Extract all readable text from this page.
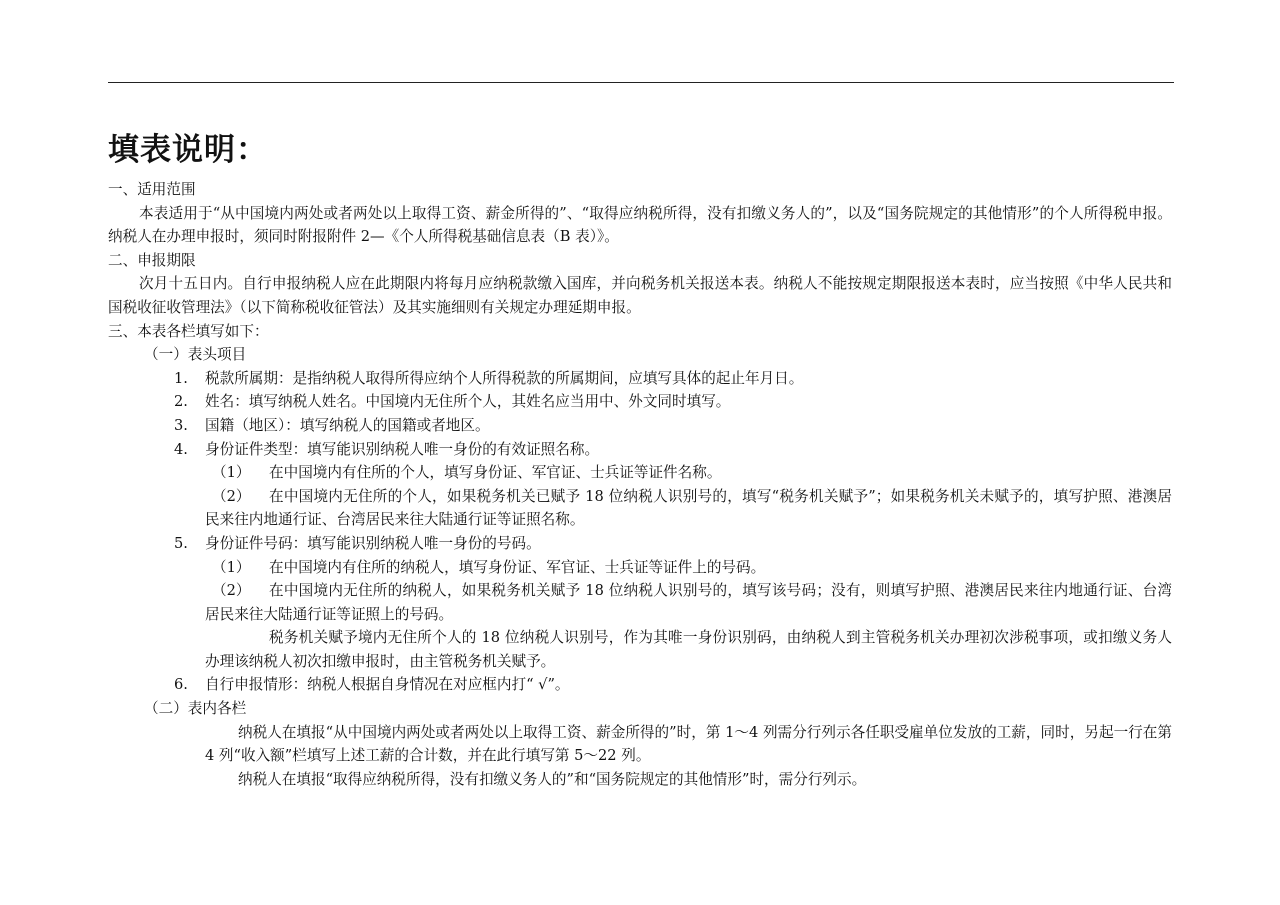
填表说明：

一、适用范围

本表适用于“从中国境内两处或者两处以上取得工资、薪金所得的”、“取得应纳税所得，没有扣缴义务人的”，以及“国务院规定的其他情形”的个人所得税申报。纳税人在办理申报时，须同时附报附件 2—《个人所得税基础信息表（B 表）》。

二、申报期限

次月十五日内。自行申报纳税人应在此期限内将每月应纳税款缴入国库，并向税务机关报送本表。纳税人不能按规定期限报送本表时，应当按照《中华人民共和国税收征收管理法》（以下简称税收征管法）及其实施细则有关规定办理延期申报。

三、本表各栏填写如下：

（一）表头项目

1. 税款所属期：是指纳税人取得所得应纳个人所得税款的所属期间，应填写具体的起止年月日。

2. 姓名：填写纳税人姓名。中国境内无住所个人，其姓名应当用中、外文同时填写。

3. 国籍（地区）：填写纳税人的国籍或者地区。

4. 身份证件类型：填写能识别纳税人唯一身份的有效证照名称。

（1） 在中国境内有住所的个人，填写身份证、军官证、士兵证等证件名称。

（2） 在中国境内无住所的个人，如果税务机关已赋予 18 位纳税人识别号的，填写“税务机关赋予”；如果税务机关未赋予的，填写护照、港澳居民来往内地通行证、台湾居民来往大陆通行证等证照名称。

5. 身份证件号码：填写能识别纳税人唯一身份的号码。

（1） 在中国境内有住所的纳税人，填写身份证、军官证、士兵证等证件上的号码。

（2） 在中国境内无住所的纳税人，如果税务机关赋予 18 位纳税人识别号的，填写该号码；没有，则填写护照、港澳居民来往内地通行证、台湾居民来往大陆通行证等证照上的号码。

税务机关赋予境内无住所个人的 18 位纳税人识别号，作为其唯一身份识别码，由纳税人到主管税务机关办理初次涉税事项，或扣缴义务人办理该纳税人初次扣缴申报时，由主管税务机关赋予。

6. 自行申报情形：纳税人根据自身情况在对应框内打“ √”。

（二）表内各栏

纳税人在填报“从中国境内两处或者两处以上取得工资、薪金所得的”时，第 1～4 列需分行列示各任职受雇单位发放的工薪，同时，另起一行在第 4 列“收入额”栏填写上述工薪的合计数，并在此行填写第 5～22 列。

纳税人在填报“取得应纳税所得，没有扣缴义务人的”和“国务院规定的其他情形”时，需分行列示。
